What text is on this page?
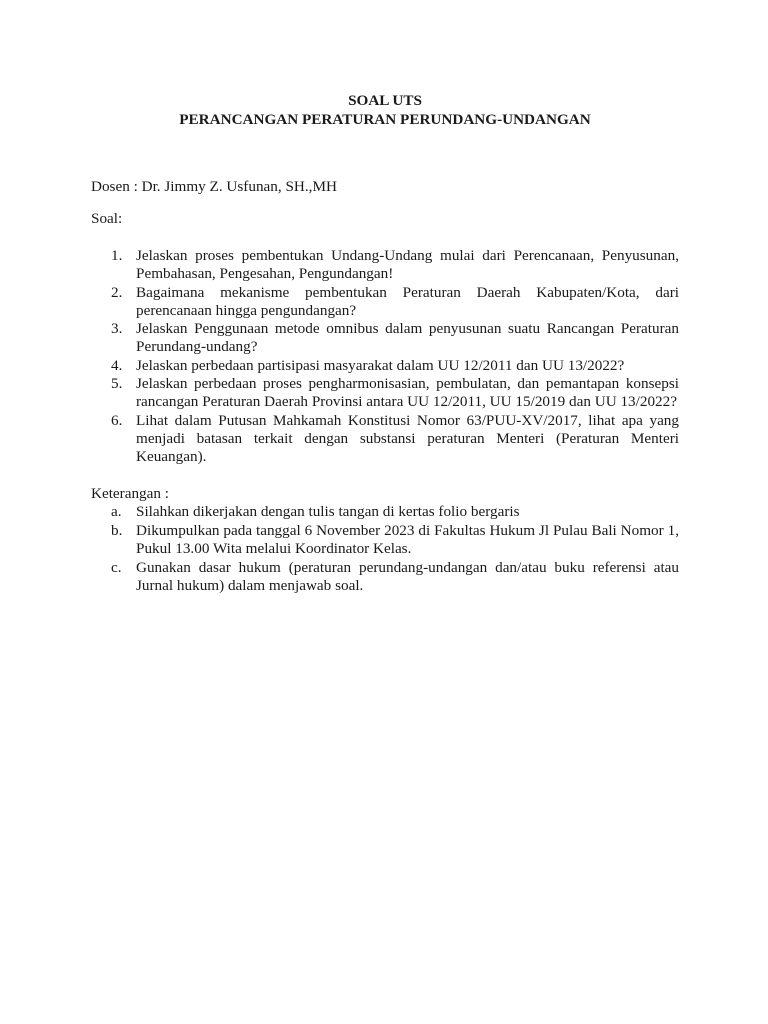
SOAL UTS
PERANCANGAN PERATURAN PERUNDANG-UNDANGAN
Dosen : Dr. Jimmy Z. Usfunan, SH.,MH
Soal:
1. Jelaskan proses pembentukan Undang-Undang mulai dari Perencanaan, Penyusunan, Pembahasan, Pengesahan, Pengundangan!
2. Bagaimana mekanisme pembentukan Peraturan Daerah Kabupaten/Kota, dari perencanaan hingga pengundangan?
3. Jelaskan Penggunaan metode omnibus dalam penyusunan suatu Rancangan Peraturan Perundang-undang?
4. Jelaskan perbedaan partisipasi masyarakat dalam UU 12/2011 dan UU 13/2022?
5. Jelaskan perbedaan proses pengharmonisasian, pembulatan, dan pemantapan konsepsi rancangan Peraturan Daerah Provinsi antara UU 12/2011, UU 15/2019 dan UU 13/2022?
6. Lihat dalam Putusan Mahkamah Konstitusi Nomor 63/PUU-XV/2017, lihat apa yang menjadi batasan terkait dengan substansi peraturan Menteri (Peraturan Menteri Keuangan).
Keterangan :
a. Silahkan dikerjakan dengan tulis tangan di kertas folio bergaris
b. Dikumpulkan pada tanggal 6 November 2023 di Fakultas Hukum Jl Pulau Bali Nomor 1, Pukul 13.00 Wita melalui Koordinator Kelas.
c. Gunakan dasar hukum (peraturan perundang-undangan dan/atau buku referensi atau Jurnal hukum) dalam menjawab soal.
